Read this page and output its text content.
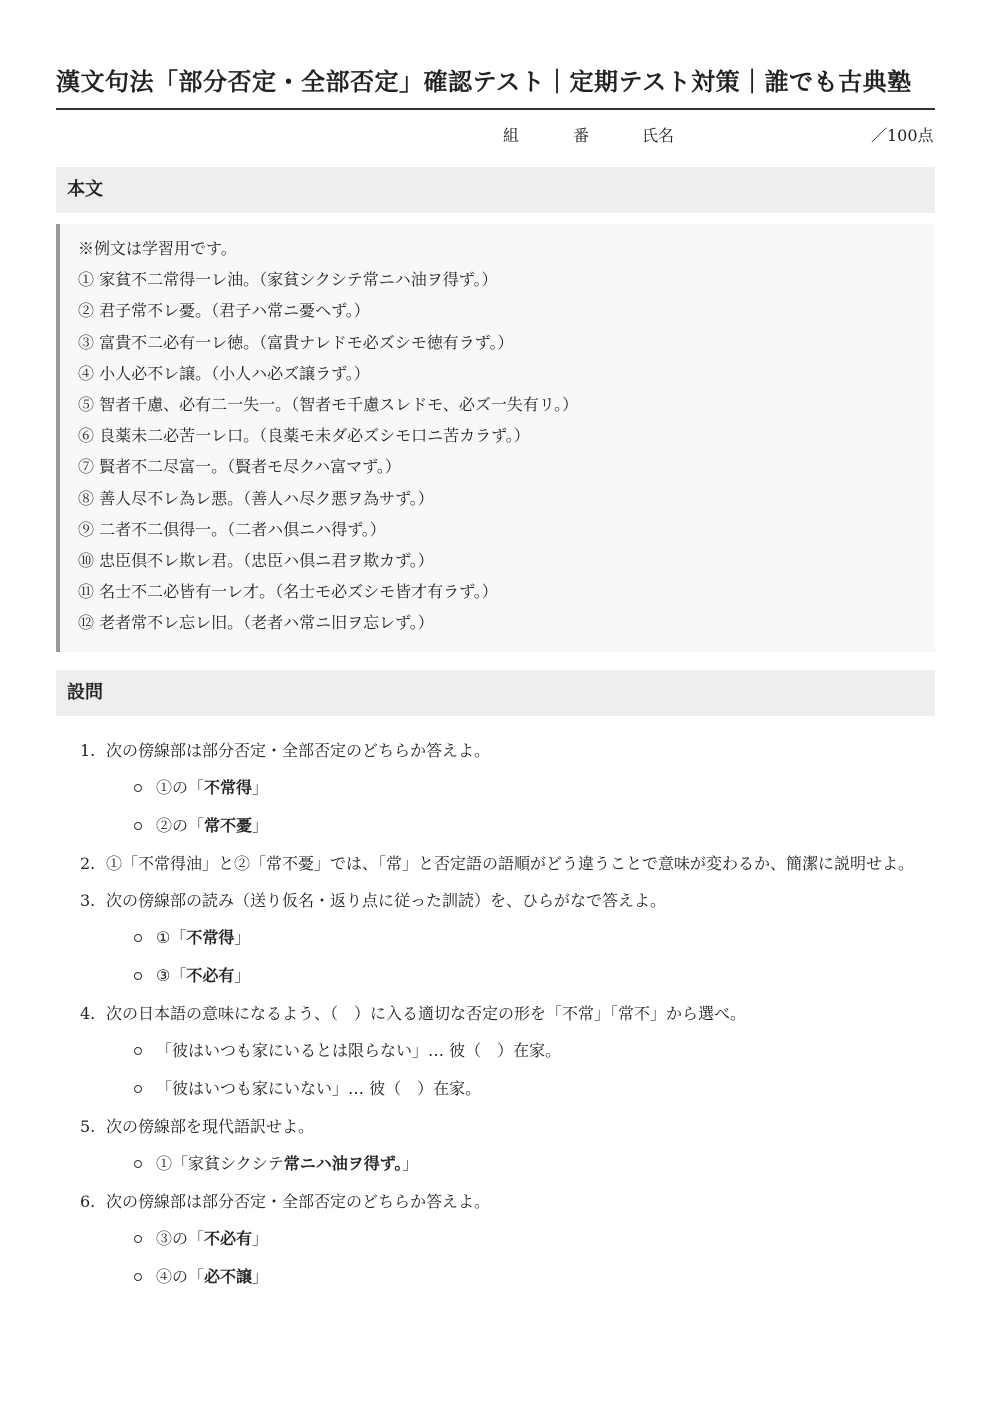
漢文句法「部分否定・全部否定」確認テスト｜定期テスト対策｜誰でも古典塾
組	番	氏名	／100点
本文
※例文は学習用です。
① 家貧不二常得一レ油。（家貧シクシテ常ニハ油ヲ得ず。）
② 君子常不レ憂。（君子ハ常ニ憂ヘず。）
③ 富貴不二必有一レ徳。（富貴ナレドモ必ズシモ徳有ラず。）
④ 小人必不レ譲。（小人ハ必ズ譲ラず。）
⑤ 智者千慮、必有二一失一。（智者モ千慮スレドモ、必ズ一失有リ。）
⑥ 良薬未二必苦一レ口。（良薬モ未ダ必ズシモ口ニ苦カラず。）
⑦ 賢者不二尽富一。（賢者モ尽クハ富マず。）
⑧ 善人尽不レ為レ悪。（善人ハ尽ク悪ヲ為サず。）
⑨ 二者不二倶得一。（二者ハ倶ニハ得ず。）
⑩ 忠臣倶不レ欺レ君。（忠臣ハ倶ニ君ヲ欺カず。）
⑪ 名士不二必皆有一レ才。（名士モ必ズシモ皆才有ラず。）
⑫ 老者常不レ忘レ旧。（老者ハ常ニ旧ヲ忘レず。）
設問
1. 次の傍線部は部分否定・全部否定のどちらか答えよ。
①の「不常得」
②の「常不憂」
2. ①「不常得油」と②「常不憂」では、「常」と否定語の語順がどう違うことで意味が変わるか、簡潔に説明せよ。
3. 次の傍線部の読み（送り仮名・返り点に従った訓読）を、ひらがなで答えよ。
①「不常得」
③「不必有」
4. 次の日本語の意味になるよう、（　）に入る適切な否定の形を「不常」「常不」から選べ。
「彼はいつも家にいるとは限らない」… 彼（　）在家。
「彼はいつも家にいない」… 彼（　）在家。
5. 次の傍線部を現代語訳せよ。
①「家貧シクシテ常ニハ油ヲ得ず。」
6. 次の傍線部は部分否定・全部否定のどちらか答えよ。
③の「不必有」
④の「必不譲」
